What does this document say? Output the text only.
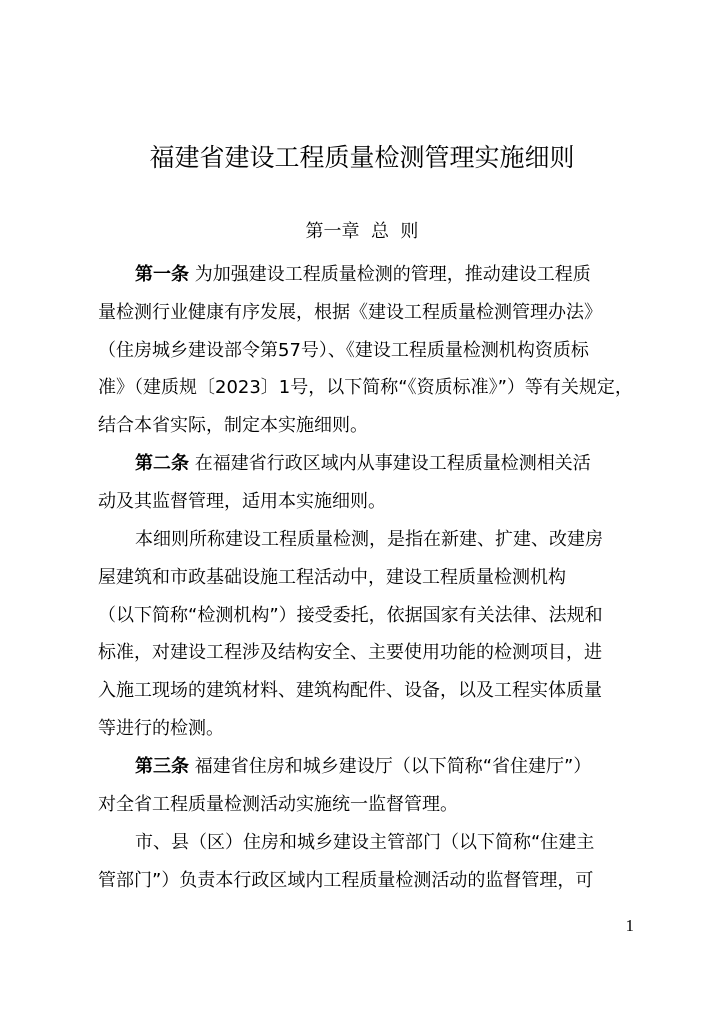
福建省建设工程质量检测管理实施细则
第一章  总  则
第一条 为加强建设工程质量检测的管理，推动建设工程质
量检测行业健康有序发展，根据《建设工程质量检测管理办法》
（住房城乡建设部令第57号）、《建设工程质量检测机构资质标
准》（建质规〔2023〕1号，以下简称“《资质标准》”）等有关规定，
结合本省实际，制定本实施细则。
第二条 在福建省行政区域内从事建设工程质量检测相关活
动及其监督管理，适用本实施细则。
本细则所称建设工程质量检测，是指在新建、扩建、改建房
屋建筑和市政基础设施工程活动中，建设工程质量检测机构
（以下简称“检测机构”）接受委托，依据国家有关法律、法规和
标准，对建设工程涉及结构安全、主要使用功能的检测项目，进
入施工现场的建筑材料、建筑构配件、设备，以及工程实体质量
等进行的检测。
第三条 福建省住房和城乡建设厅（以下简称“省住建厅”）
对全省工程质量检测活动实施统一监督管理。
市、县（区）住房和城乡建设主管部门（以下简称“住建主
管部门”）负责本行政区域内工程质量检测活动的监督管理，可
1
